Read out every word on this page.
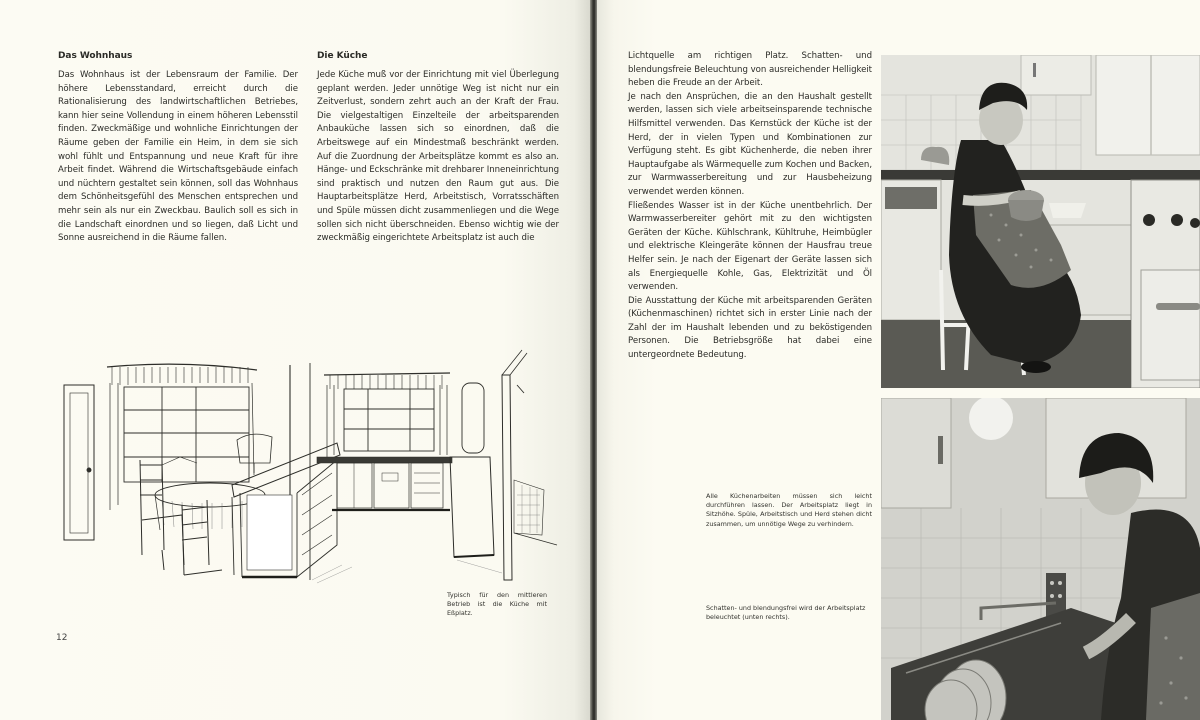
Das Wohnhaus

Das Wohnhaus ist der Lebensraum der Familie. Der höhere Lebensstandard, erreicht durch die Rationalisierung des landwirtschaftlichen Betriebes, kann hier seine Vollendung in einem höheren Lebensstil finden. Zweckmäßige und wohnliche Einrichtungen der Räume geben der Familie ein Heim, in dem sie sich wohl fühlt und Entspannung und neue Kraft für ihre Arbeit findet. Während die Wirtschaftsgebäude einfach und nüchtern gestaltet sein können, soll das Wohnhaus dem Schönheitsgefühl des Menschen entsprechen und mehr sein als nur ein Zweckbau. Baulich soll es sich in die Landschaft einordnen und so liegen, daß Licht und Sonne ausreichend in die Räume fallen.

Die Küche

Jede Küche muß vor der Einrichtung mit viel Überlegung geplant werden. Jeder unnötige Weg ist nicht nur ein Zeitverlust, sondern zehrt auch an der Kraft der Frau. Die vielgestaltigen Einzelteile der arbeitsparenden Anbauküche lassen sich so einordnen, daß die Arbeitswege auf ein Mindestmaß beschränkt werden. Auf die Zuordnung der Arbeitsplätze kommt es also an. Hänge- und Eckschränke mit drehbarer Inneneinrichtung sind praktisch und nutzen den Raum gut aus. Die Hauptarbeitsplätze Herd, Arbeitstisch, Vorratsschäften und Spüle müssen dicht zusammenliegen und die Wege sollen sich nicht überschneiden. Ebenso wichtig wie der zweckmäßig eingerichtete Arbeitsplatz ist auch die

Typisch für den mittleren Betrieb ist die Küche mit Eßplatz.
12

Lichtquelle am richtigen Platz. Schatten- und blendungsfreie Beleuchtung von ausreichender Helligkeit heben die Freude an der Arbeit.

Je nach den Ansprüchen, die an den Haushalt gestellt werden, lassen sich viele arbeitseinsparende technische Hilfsmittel verwenden. Das Kernstück der Küche ist der Herd, der in vielen Typen und Kombinationen zur Verfügung steht. Es gibt Küchenherde, die neben ihrer Hauptaufgabe als Wärmequelle zum Kochen und Backen, zur Warmwasserbereitung und zur Hausbeheizung verwendet werden können.

Fließendes Wasser ist in der Küche unentbehrlich. Der Warmwasserbereiter gehört mit zu den wichtigsten Geräten der Küche. Kühlschrank, Kühltruhe, Heimbügler und elektrische Kleingeräte können der Hausfrau treue Helfer sein. Je nach der Eigenart der Geräte lassen sich als Energiequelle Kohle, Gas, Elektrizität und Öl verwenden.

Die Ausstattung der Küche mit arbeitsparenden Geräten (Küchenmaschinen) richtet sich in erster Linie nach der Zahl der im Haushalt lebenden und zu beköstigenden Personen. Die Betriebsgröße hat dabei eine untergeordnete Bedeutung.

Alle Küchenarbeiten müssen sich leicht durchführen lassen. Der Arbeitsplatz liegt in Sitzhöhe. Spüle, Arbeitstisch und Herd stehen dicht zusammen, um unnötige Wege zu verhindern.
Schatten- und blendungsfrei wird der Arbeitsplatz beleuchtet (unten rechts).
